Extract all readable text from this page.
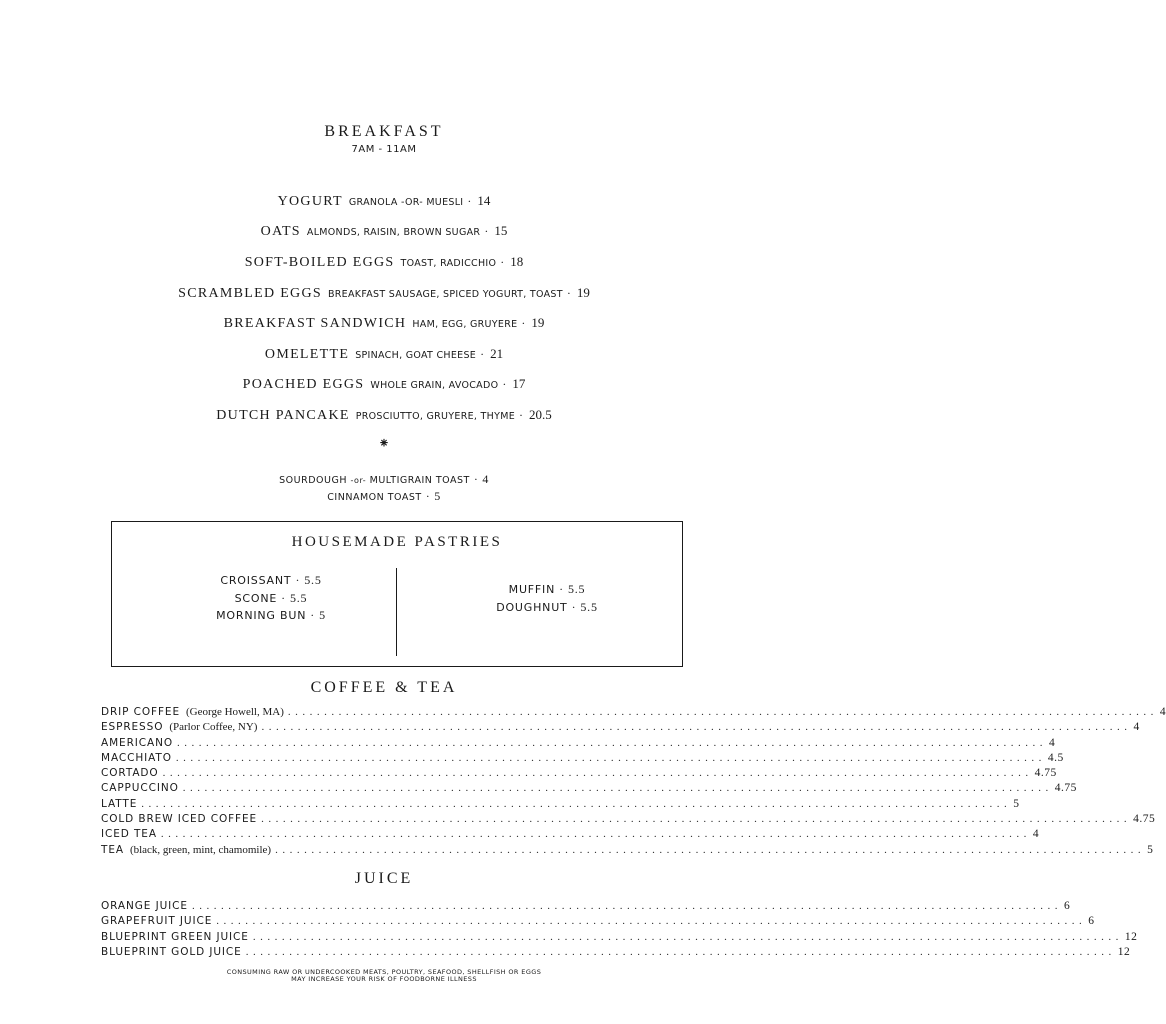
BREAKFAST
7AM - 11AM
YOGURT GRANOLA -OR- MUESLI · 14
OATS ALMONDS, RAISIN, BROWN SUGAR · 15
SOFT-BOILED EGGS TOAST, RADICCHIO · 18
SCRAMBLED EGGS BREAKFAST SAUSAGE, SPICED YOGURT, TOAST · 19
BREAKFAST SANDWICH HAM, EGG, GRUYERE · 19
OMELETTE SPINACH, GOAT CHEESE · 21
POACHED EGGS WHOLE GRAIN, AVOCADO · 17
DUTCH PANCAKE PROSCIUTTO, GRUYERE, THYME · 20.5
⁕
SOURDOUGH -or- MULTIGRAIN TOAST · 4
CINNAMON TOAST · 5
HOUSEMADE PASTRIES
CROISSANT · 5.5
SCONE · 5.5
MORNING BUN · 5
MUFFIN · 5.5
DOUGHNUT · 5.5
COFFEE & TEA
DRIP COFFEE (George Howell, MA) ........................................................................................................................ 4
ESPRESSO (Parlor Coffee, NY) ........................................................................................................................ 4
AMERICANO ........................................................................................................................ 4
MACCHIATO ........................................................................................................................ 4.5
CORTADO ........................................................................................................................ 4.75
CAPPUCCINO ........................................................................................................................ 4.75
LATTE ........................................................................................................................ 5
COLD BREW ICED COFFEE ........................................................................................................................ 4.75
ICED TEA ........................................................................................................................ 4
TEA (black, green, mint, chamomile) ........................................................................................................................ 5
JUICE
ORANGE JUICE ........................................................................................................................ 6
GRAPEFRUIT JUICE ........................................................................................................................ 6
BLUEPRINT GREEN JUICE ........................................................................................................................ 12
BLUEPRINT GOLD JUICE ........................................................................................................................ 12
CONSUMING RAW OR UNDERCOOKED MEATS, POULTRY, SEAFOOD, SHELLFISH OR EGGS
MAY INCREASE YOUR RISK OF FOODBORNE ILLNESS
